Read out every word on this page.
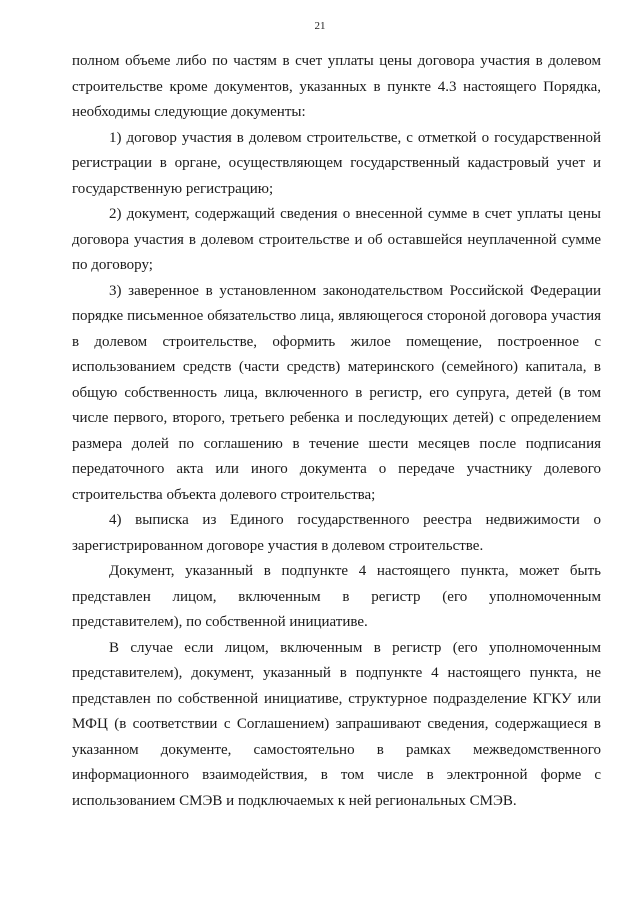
21

полном объеме либо по частям в счет уплаты цены договора участия в долевом строительстве кроме документов, указанных в пункте 4.3 настоящего Порядка, необходимы следующие документы:

1) договор участия в долевом строительстве, с отметкой о государственной регистрации в органе, осуществляющем государственный кадастровый учет и государственную регистрацию;

2) документ, содержащий сведения о внесенной сумме в счет уплаты цены договора участия в долевом строительстве и об оставшейся неуплаченной сумме по договору;

3) заверенное в установленном законодательством Российской Федерации порядке письменное обязательство лица, являющегося стороной договора участия в долевом строительстве, оформить жилое помещение, построенное с использованием средств (части средств) материнского (семейного) капитала, в общую собственность лица, включенного в регистр, его супруга, детей (в том числе первого, второго, третьего ребенка и последующих детей) с определением размера долей по соглашению в течение шести месяцев после подписания передаточного акта или иного документа о передаче участнику долевого строительства объекта долевого строительства;

4) выписка из Единого государственного реестра недвижимости о зарегистрированном договоре участия в долевом строительстве.

Документ, указанный в подпункте 4 настоящего пункта, может быть представлен лицом, включенным в регистр (его уполномоченным представителем), по собственной инициативе.

В случае если лицом, включенным в регистр (его уполномоченным представителем), документ, указанный в подпункте 4 настоящего пункта, не представлен по собственной инициативе, структурное подразделение КГКУ или МФЦ (в соответствии с Соглашением) запрашивают сведения, содержащиеся в указанном документе, самостоятельно в рамках межведомственного информационного взаимодействия, в том числе в электронной форме с использованием СМЭВ и подключаемых к ней региональных СМЭВ.
